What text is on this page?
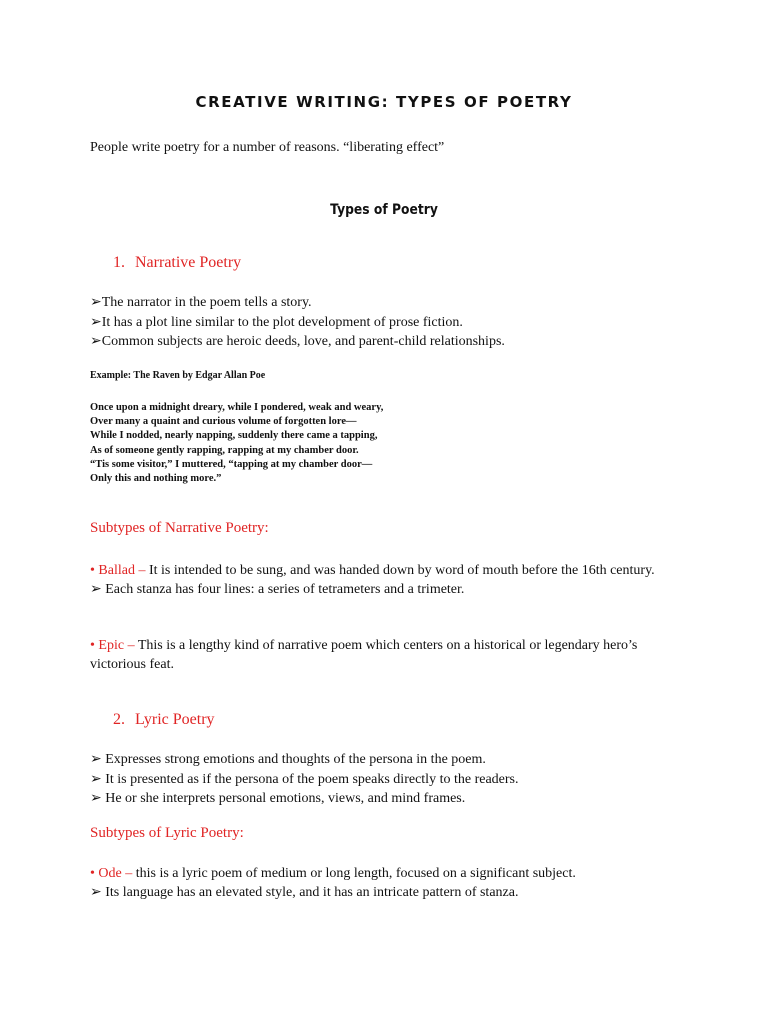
CREATIVE WRITING: TYPES OF POETRY
People write poetry for a number of reasons. “liberating effect”
Types of Poetry
1. Narrative Poetry
➢The narrator in the poem tells a story.
➢It has a plot line similar to the plot development of prose fiction.
➢Common subjects are heroic deeds, love, and parent-child relationships.
Example: The Raven by Edgar Allan Poe
Once upon a midnight dreary, while I pondered, weak and weary,
Over many a quaint and curious volume of forgotten lore—
While I nodded, nearly napping, suddenly there came a tapping,
As of someone gently rapping, rapping at my chamber door.
“Tis some visitor,” I muttered, “tapping at my chamber door—
Only this and nothing more.”
Subtypes of Narrative Poetry:
• Ballad – It is intended to be sung, and was handed down by word of mouth before the 16th century.
➢ Each stanza has four lines: a series of tetrameters and a trimeter.
• Epic – This is a lengthy kind of narrative poem which centers on a historical or legendary hero’s victorious feat.
2. Lyric Poetry
➢ Expresses strong emotions and thoughts of the persona in the poem.
➢ It is presented as if the persona of the poem speaks directly to the readers.
➢ He or she interprets personal emotions, views, and mind frames.
Subtypes of Lyric Poetry:
• Ode – this is a lyric poem of medium or long length, focused on a significant subject.
➢ Its language has an elevated style, and it has an intricate pattern of stanza.
